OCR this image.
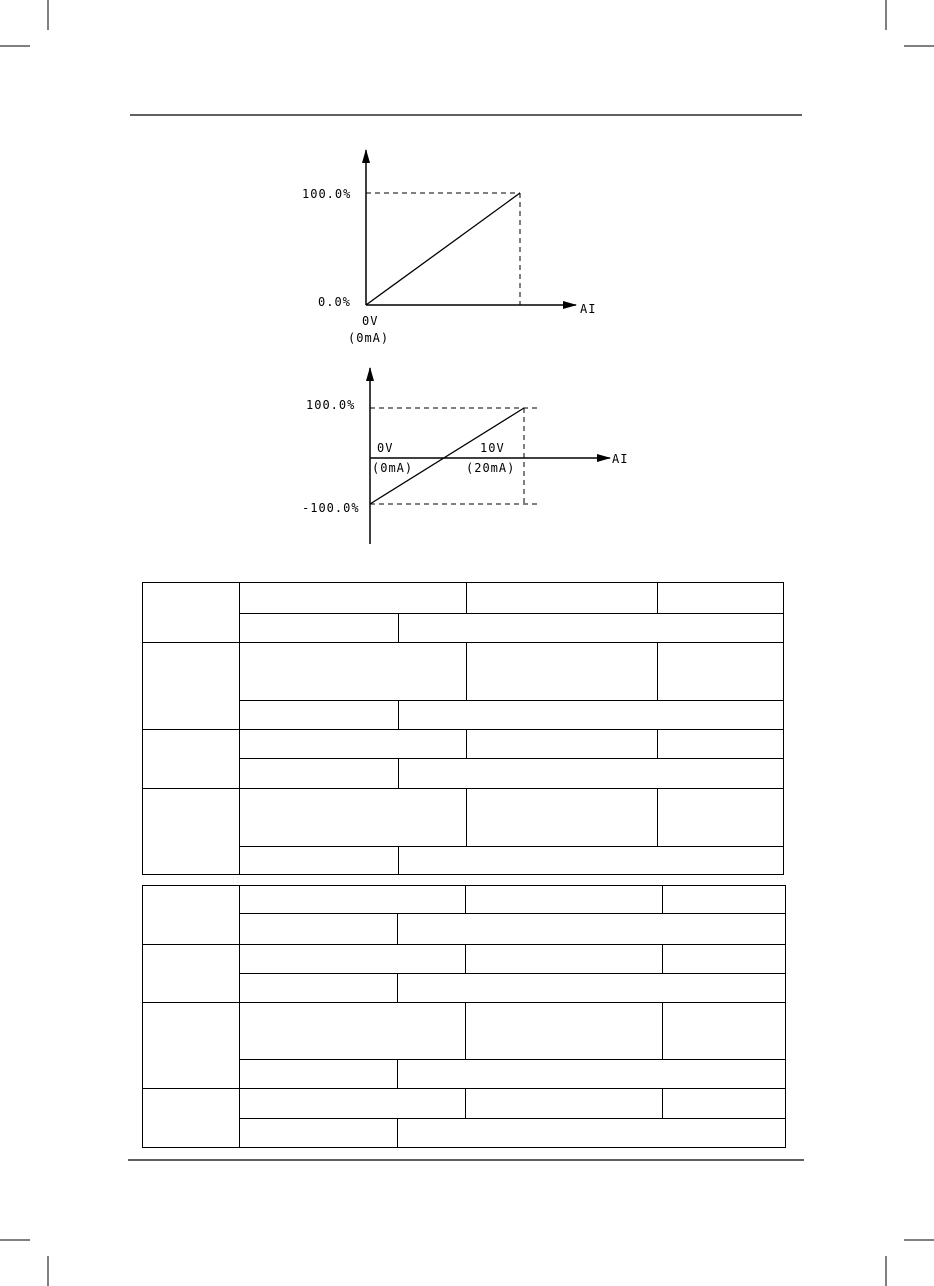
100.0%
0.0%	AI
0V
(0mA)
100.0%
-100.0%
AI
0V
(0mA)
10V
(20mA)
